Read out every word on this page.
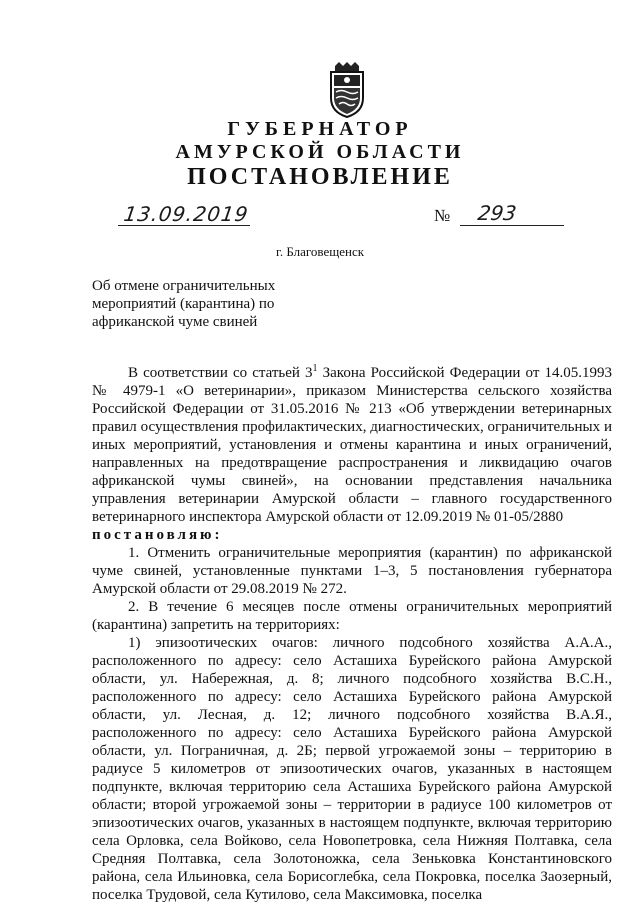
ГУБЕРНАТОР
АМУРСКОЙ ОБЛАСТИ
ПОСТАНОВЛЕНИЕ
13.09.2019	№ 293
г. Благовещенск
Об отмене ограничительных
мероприятий (карантина) по
африканской чуме свиней

В соответствии со статьей $3^1$ Закона Российской Федерации от 14.05.1993 № 4979-1 «О ветеринарии», приказом Министерства сельского хозяйства Российской Федерации от 31.05.2016 № 213 «Об утверждении ветеринарных правил осуществления профилактических, диагностических, ограничительных и иных мероприятий, установления и отмены карантина и иных ограничений, направленных на предотвращение распространения и ликвидацию очагов африканской чумы свиней», на основании представления начальника управления ветеринарии Амурской области – главного государственного ветеринарного инспектора Амурской области от 12.09.2019 № 01-05/2880

постановляю:

1. Отменить ограничительные мероприятия (карантин) по африканской чуме свиней, установленные пунктами 1–3, 5 постановления губернатора Амурской области от 29.08.2019 № 272.

2. В течение 6 месяцев после отмены ограничительных мероприятий (карантина) запретить на территориях:

1) эпизоотических очагов: личного подсобного хозяйства А.А.А., расположенного по адресу: село Асташиха Бурейского района Амурской области, ул. Набережная, д. 8; личного подсобного хозяйства В.С.Н., расположенного по адресу: село Асташиха Бурейского района Амурской области, ул. Лесная, д. 12; личного подсобного хозяйства В.А.Я., расположенного по адресу: село Асташиха Бурейского района Амурской области, ул. Пограничная, д. 2Б; первой угрожаемой зоны – территорию в радиусе 5 километров от эпизоотических очагов, указанных в настоящем подпункте, включая территорию села Асташиха Бурейского района Амурской области; второй угрожаемой зоны – территории в радиусе 100 километров от эпизоотических очагов, указанных в настоящем подпункте, включая территорию села Орловка, села Войково, села Новопетровка, села Нижняя Полтавка, села Средняя Полтавка, села Золотоножка, села Зеньковка Константиновского района, села Ильиновка, села Борисоглебка, села Покровка, поселка Заозерный, поселка Трудовой, села Кутилово, села Максимовка, поселка
